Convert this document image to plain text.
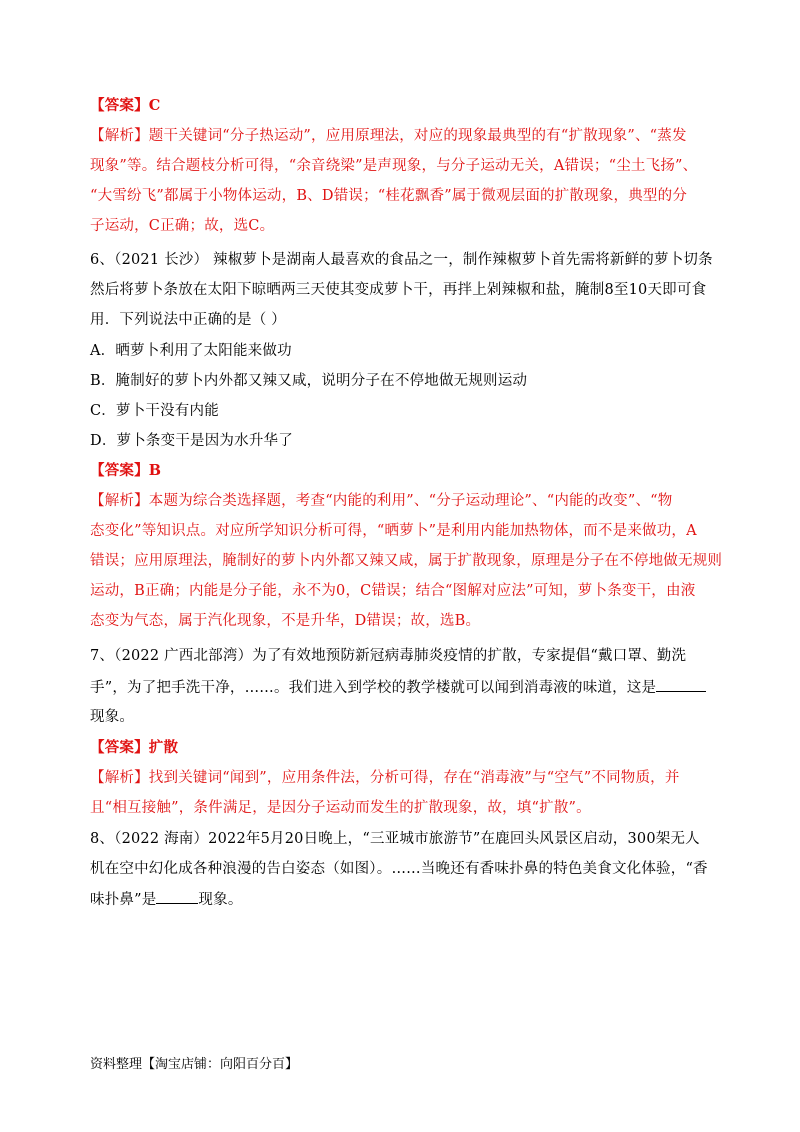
【答案】C
【解析】题干关键词“分子热运动”，应用原理法，对应的现象最典型的有“扩散现象”、“蒸发
现象”等。结合题枝分析可得，“余音绕梁”是声现象，与分子运动无关，A错误；“尘土飞扬”、
“大雪纷飞”都属于小物体运动，B、D错误；“桂花飘香”属于微观层面的扩散现象，典型的分
子运动，C正确；故，选C。
6、（2021 长沙） 辣椒萝卜是湖南人最喜欢的食品之一，制作辣椒萝卜首先需将新鲜的萝卜切条
然后将萝卜条放在太阳下晾晒两三天使其变成萝卜干，再拌上剁辣椒和盐，腌制8至10天即可食
用．下列说法中正确的是（ ）
A．晒萝卜利用了太阳能来做功
B．腌制好的萝卜内外都又辣又咸，说明分子在不停地做无规则运动
C．萝卜干没有内能
D．萝卜条变干是因为水升华了
【答案】B
【解析】本题为综合类选择题，考查“内能的利用”、“分子运动理论”、“内能的改变”、“物
态变化”等知识点。对应所学知识分析可得，“晒萝卜”是利用内能加热物体，而不是来做功，A
错误；应用原理法，腌制好的萝卜内外都又辣又咸，属于扩散现象，原理是分子在不停地做无规则
运动，B正确；内能是分子能，永不为0，C错误；结合“图解对应法”可知，萝卜条变干，由液
态变为气态，属于汽化现象，不是升华，D错误；故，选B。
7、（2022 广西北部湾）为了有效地预防新冠病毒肺炎疫情的扩散，专家提倡“戴口罩、勤洗
手”，为了把手洗干净，……。我们进入到学校的教学楼就可以闻到消毒液的味道，这是
现象。
【答案】扩散
【解析】找到关键词“闻到”，应用条件法，分析可得，存在“消毒液”与“空气”不同物质，并
且“相互接触”，条件满足，是因分子运动而发生的扩散现象，故，填“扩散”。
8、（2022 海南）2022年5月20日晚上，“三亚城市旅游节”在鹿回头风景区启动，300架无人
机在空中幻化成各种浪漫的告白姿态（如图）。……当晚还有香味扑鼻的特色美食文化体验，“香
味扑鼻”是	现象。
资料整理【淘宝店铺：向阳百分百】
